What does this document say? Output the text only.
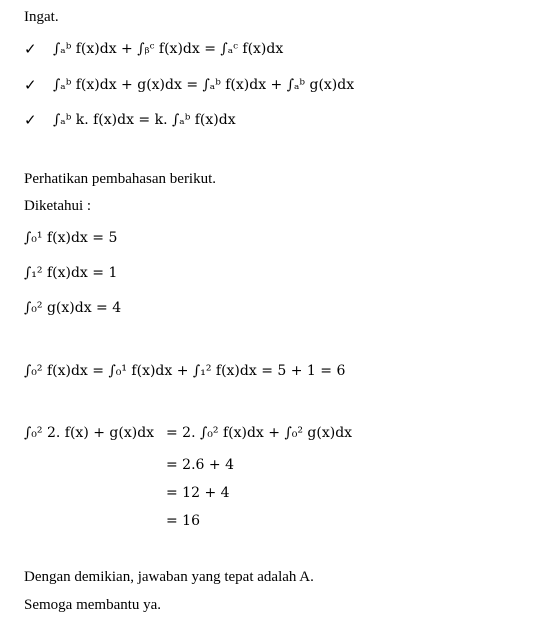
Ingat.
✓ ∫ₐᵇ f(x)dx + ∫ᵦᶜ f(x)dx = ∫ₐᶜ f(x)dx
✓ ∫ₐᵇ f(x)dx + g(x)dx = ∫ₐᵇ f(x)dx + ∫ₐᵇ g(x)dx
✓ ∫ₐᵇ k. f(x)dx = k. ∫ₐᵇ f(x)dx
Perhatikan pembahasan berikut.
Diketahui :
∫₀¹ f(x)dx = 5
∫₁² f(x)dx = 1
∫₀² g(x)dx = 4
∫₀² f(x)dx = ∫₀¹ f(x)dx + ∫₁² f(x)dx = 5 + 1 = 6
∫₀² 2. f(x) + g(x)dx = 2. ∫₀² f(x)dx + ∫₀² g(x)dx
= 2.6 + 4
= 12 + 4
= 16
Dengan demikian, jawaban yang tepat adalah A.
Semoga membantu ya.
